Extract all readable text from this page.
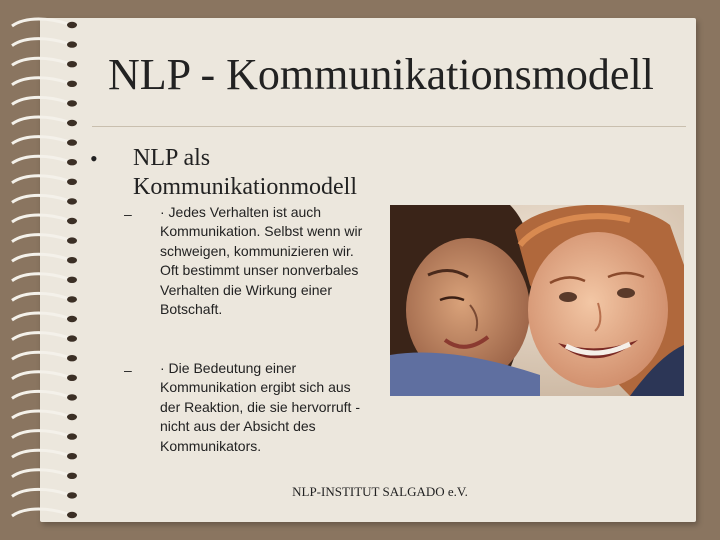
NLP - Kommunikationsmodell
• NLP als Kommunikationmodell
– · Jedes Verhalten ist auch Kommunikation. Selbst wenn wir schweigen, kommunizieren wir. Oft bestimmt unser nonverbales Verhalten die Wirkung einer Botschaft.
– · Die Bedeutung einer Kommunikation ergibt sich aus der Reaktion, die sie hervorruft - nicht aus der Absicht des Kommunikators.
NLP-INSTITUT SALGADO e.V.
